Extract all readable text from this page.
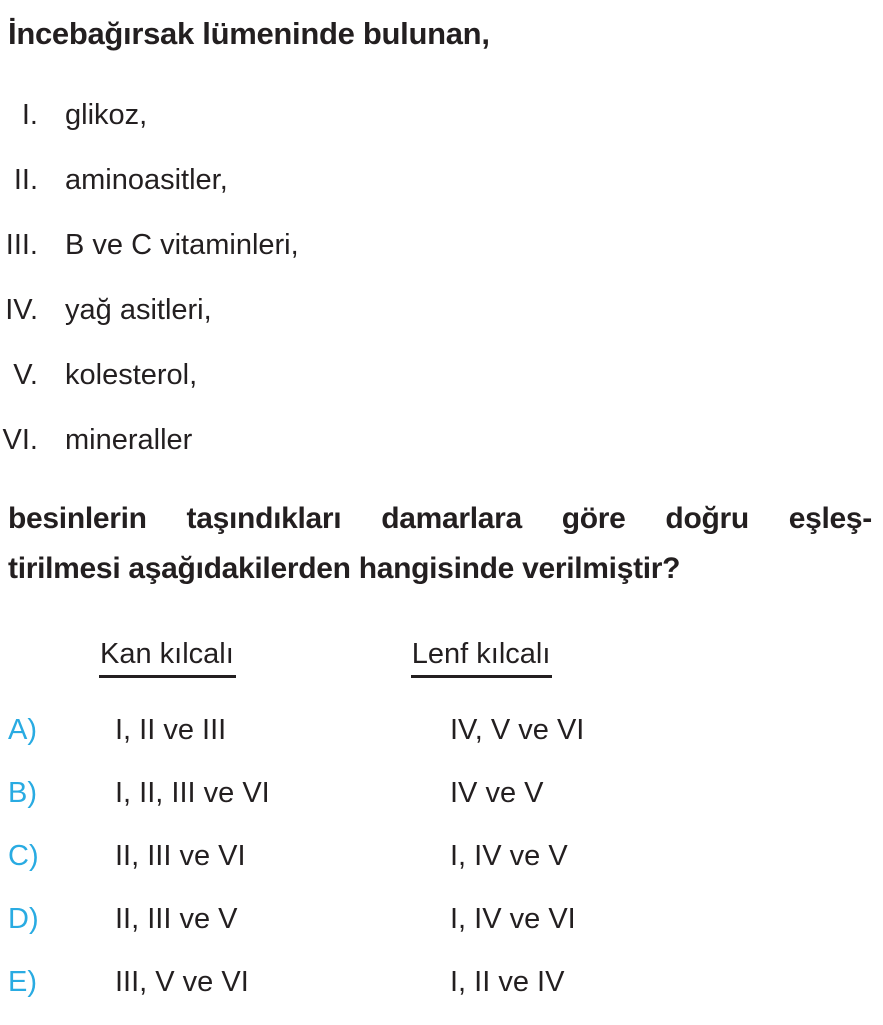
İncebağırsak lümeninde bulunan,
I. glikoz,
II. aminoasitler,
III. B ve C vitaminleri,
IV. yağ asitleri,
V. kolesterol,
VI. mineraller
besinlerin taşındıkları damarlara göre doğru eşleş-
tirilmesi aşağıdakilerden hangisinde verilmiştir?
Kan kılcalı	Lenf kılcalı
A)	I, II ve III	IV, V ve VI
B)	I, II, III ve VI	IV ve V
C)	II, III ve VI	I, IV ve V
D)	II, III ve V	I, IV ve VI
E)	III, V ve VI	I, II ve IV
